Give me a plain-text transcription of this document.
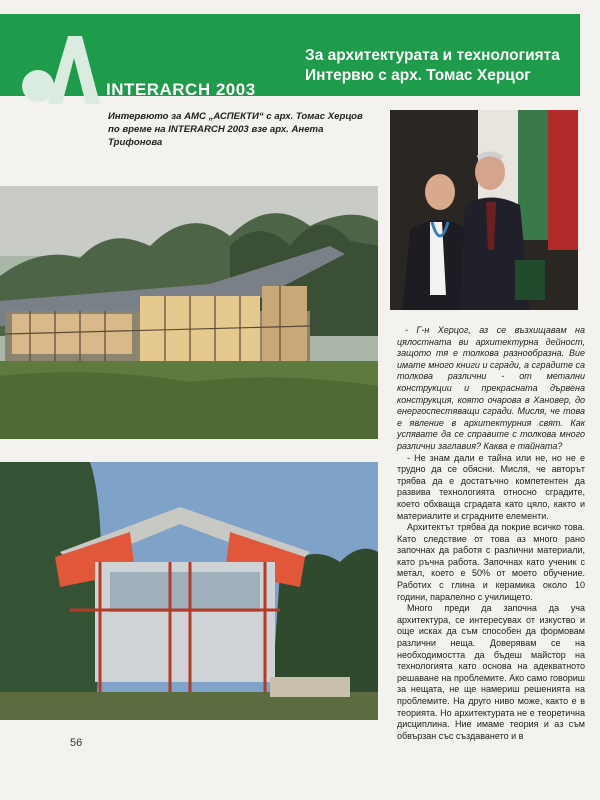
INTERARCH 2003
За архитектурата и технологията
Интервю с арх. Томас Херцог
Интервюто за АМС „АСПЕКТИ“ с арх. Томас Херцов
по време на INTERARCH 2003 взе арх. Анета Трифонова

- Г-н Херцог, аз се възхищавам на цялостната ви архитектурна дейност, защото тя е толкова разнообразна. Вие имате много книги и сгради, а сградите са толкова различни - от метални конструкции и прекрасната дървена конструкция, която очарова в Хановер, до енергоспестяващи сгради. Мисля, че това е явление в архитектурния свят. Как успявате да се справите с толкова много различни заглавия? Каква е тайната?

- Не знам дали е тайна или не, но не е трудно да се обясни. Мисля, че авторът трябва да е достатъчно компетентен да развива технологията относно сградите, което обхваща сградата като цяло, както и материалите и сградните елементи.

Архитектът трябва да покрие всичко това. Като следствие от това аз много рано започнах да работя с различни материали, като ръчна работа. Започнах като ученик с метал, което е 50% от моето обучение. Работих с глина и керамика около 10 години, паралелно с училището.

Много преди да започна да уча архитектура, се интересувах от изкуство и още исках да съм способен да формовам различни неща. Доверявам се на необходимостта да бъдеш майстор на технологията като основа на адекватното решаване на проблемите. Ако само говориш за нещата, не ще намериш решенията на проблемите. На друго ниво може, както е в теорията. Но архитектурата не е теоретична дисциплина. Ние имаме теория и аз съм обвързан със създаването и в

56
